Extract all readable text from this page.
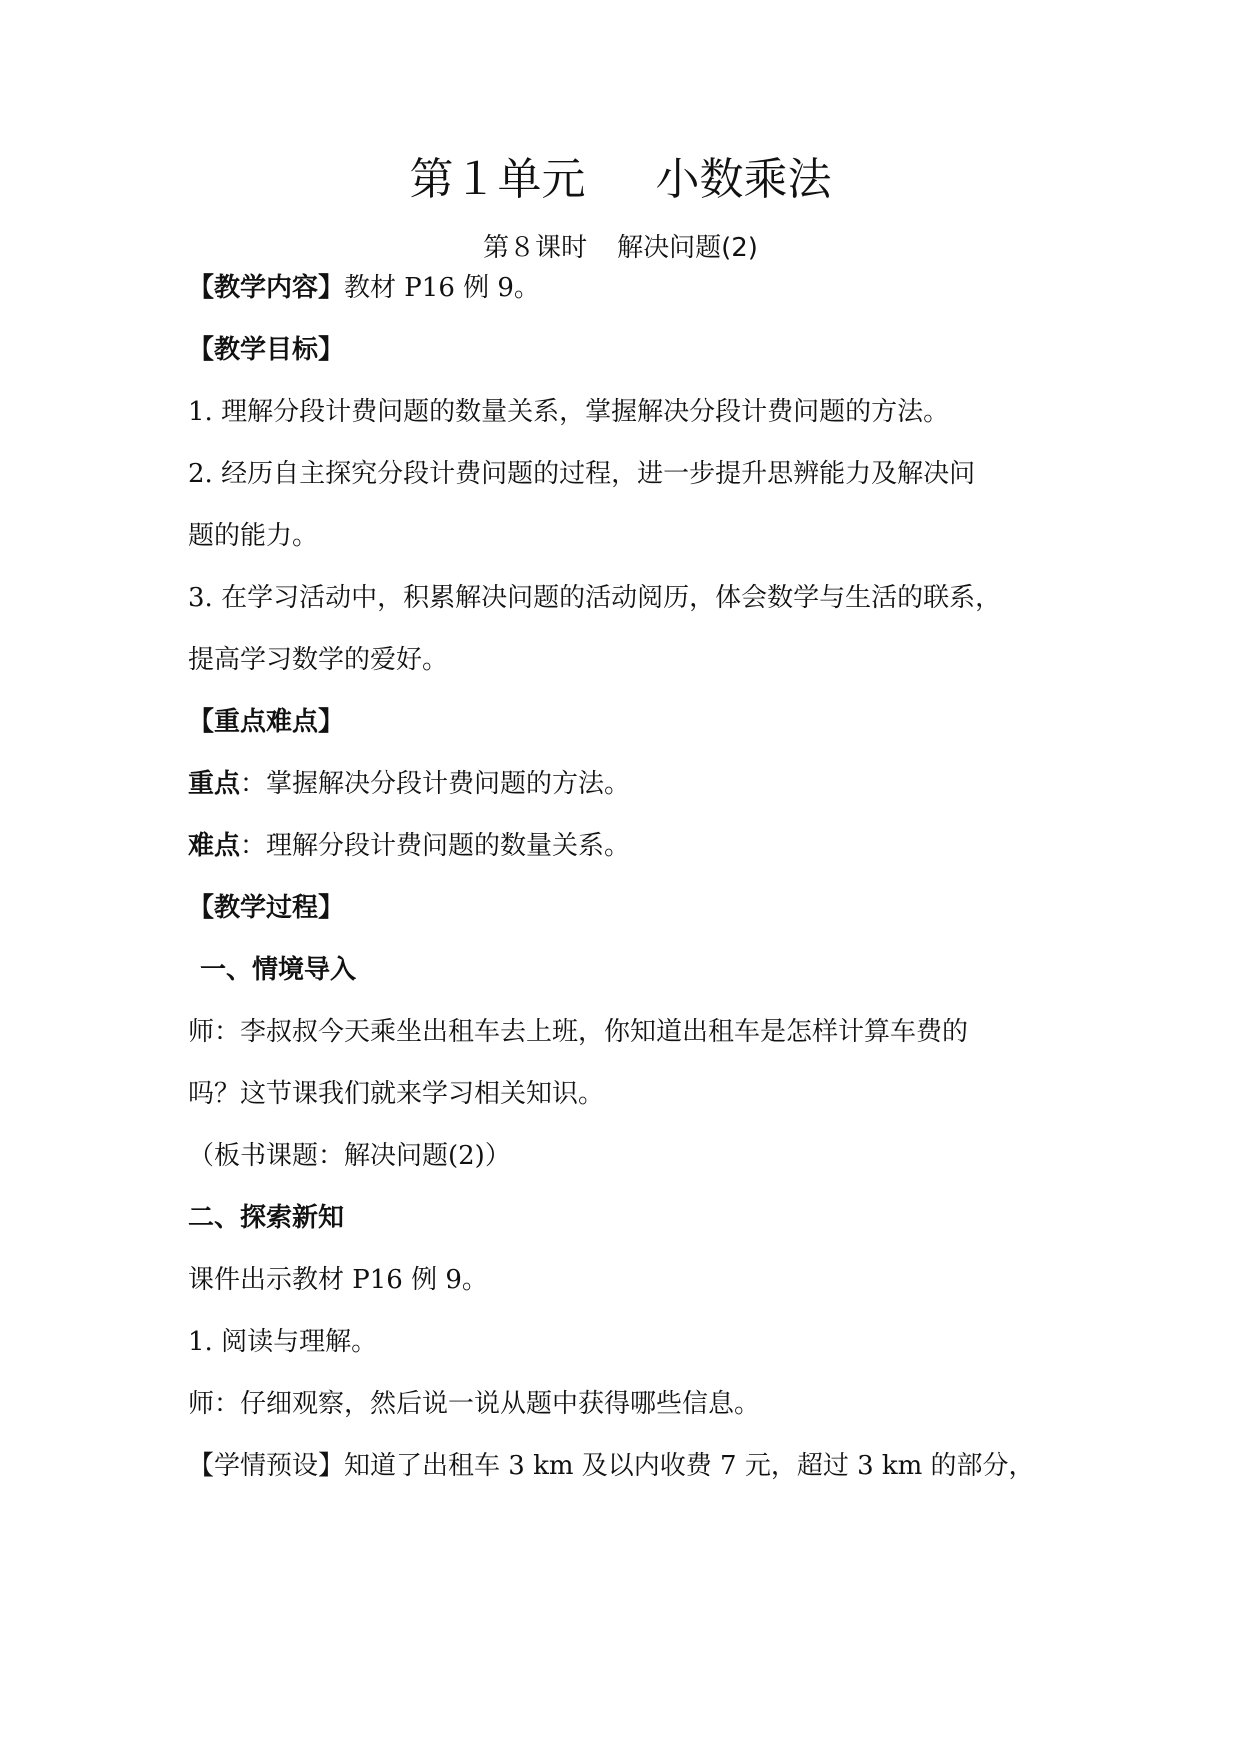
第１单元 小数乘法
第８课时 解决问题(2)
【教学内容】教材 P16 例 9。
【教学目标】
1. 理解分段计费问题的数量关系，掌握解决分段计费问题的方法。
2. 经历自主探究分段计费问题的过程，进一步提升思辨能力及解决问
题的能力。
3. 在学习活动中，积累解决问题的活动阅历，体会数学与生活的联系，
提高学习数学的爱好。
【重点难点】
重点：掌握解决分段计费问题的方法。
难点：理解分段计费问题的数量关系。
【教学过程】
一、情境导入
师：李叔叔今天乘坐出租车去上班，你知道出租车是怎样计算车费的
吗？这节课我们就来学习相关知识。
（板书课题：解决问题(2)）
二、探索新知
课件出示教材 P16 例 9。
1. 阅读与理解。
师：仔细观察，然后说一说从题中获得哪些信息。
【学情预设】知道了出租车 3 km 及以内收费 7 元，超过 3 km 的部分，
